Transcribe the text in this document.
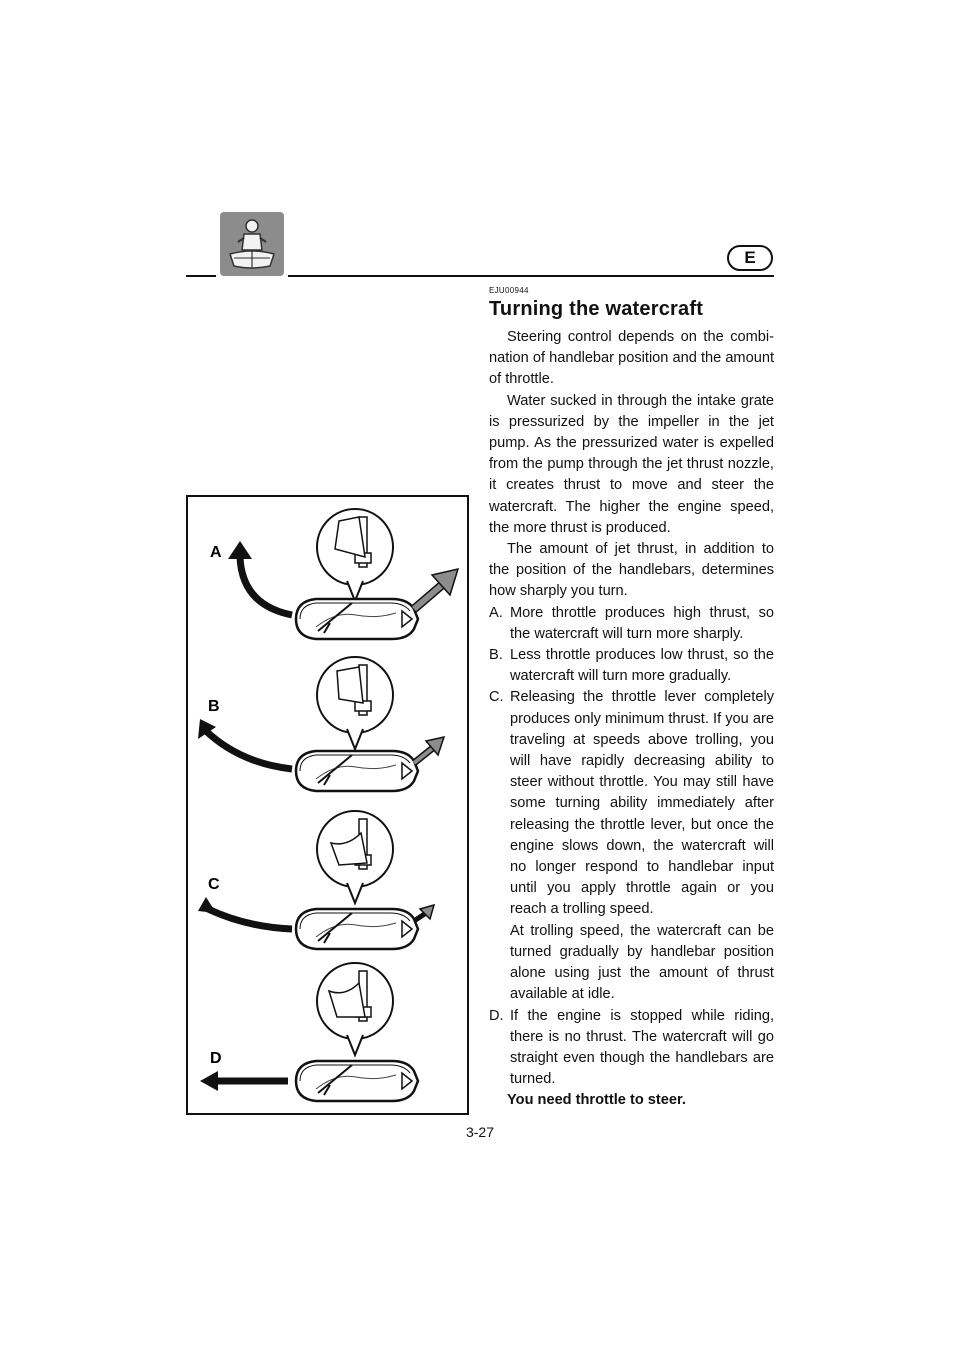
E
A
B
C
D
EJU00944
Turning the watercraft

Steering control depends on the combi-nation of handlebar position and the amount of throttle.

Water sucked in through the intake grate is pressurized by the impeller in the jet pump. As the pressurized water is expelled from the pump through the jet thrust nozzle, it creates thrust to move and steer the watercraft. The higher the engine speed, the more thrust is produced.

The amount of jet thrust, in addition to the position of the handlebars, determines how sharply you turn.

A. More throttle produces high thrust, so the watercraft will turn more sharply.
B. Less throttle produces low thrust, so the watercraft will turn more gradually.
C. Releasing the throttle lever completely produces only minimum thrust. If you are traveling at speeds above trolling, you will have rapidly decreasing ability to steer without throttle. You may still have some turning ability immediately after releasing the throttle lever, but once the engine slows down, the watercraft will no longer respond to handlebar input until you apply throttle again or you reach a trolling speed.
At trolling speed, the watercraft can be turned gradually by handlebar position alone using just the amount of thrust available at idle.
D. If the engine is stopped while riding, there is no thrust. The watercraft will go straight even though the handlebars are turned.
You need throttle to steer.
3-27
